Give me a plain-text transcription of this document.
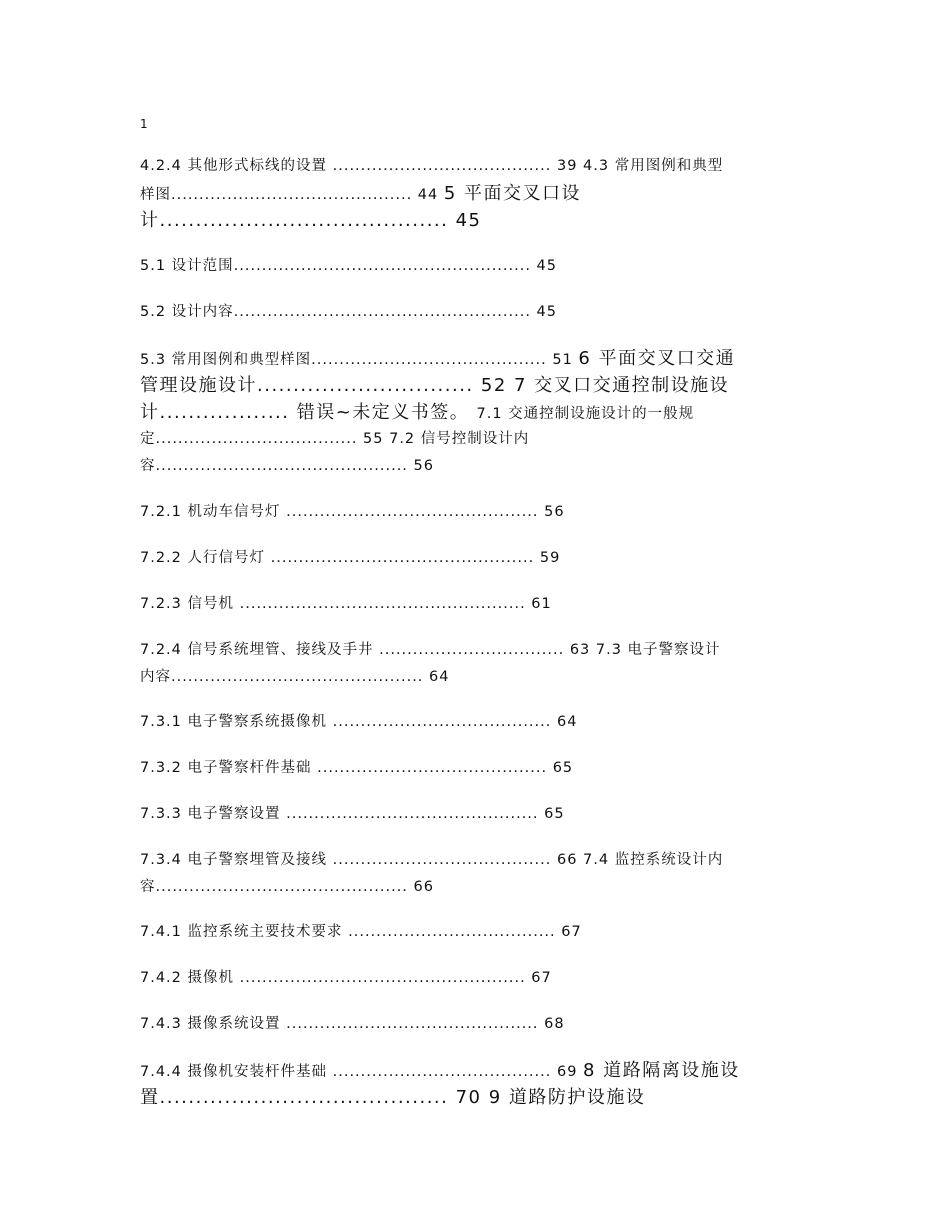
1
4.2.4 其他形式标线的设置 ....................................... 39 4.3 常用图例和典型
样图........................................... 44 5 平面交叉口设
计........................................ 45
5.1 设计范围..................................................... 45
5.2 设计内容..................................................... 45
5.3 常用图例和典型样图.......................................... 51 6 平面交叉口交通
管理设施设计.............................. 52 7 交叉口交通控制设施设
计.................. 错误~未定义书签。 7.1 交通控制设施设计的一般规
定.................................... 55 7.2 信号控制设计内
容............................................. 56
7.2.1 机动车信号灯 ............................................. 56
7.2.2 人行信号灯 ............................................... 59
7.2.3 信号机 ................................................... 61
7.2.4 信号系统埋管、接线及手井 ................................. 63 7.3 电子警察设计
内容............................................. 64
7.3.1 电子警察系统摄像机 ....................................... 64
7.3.2 电子警察杆件基础 ......................................... 65
7.3.3 电子警察设置 ............................................. 65
7.3.4 电子警察埋管及接线 ....................................... 66 7.4 监控系统设计内
容............................................. 66
7.4.1 监控系统主要技术要求 ..................................... 67
7.4.2 摄像机 ................................................... 67
7.4.3 摄像系统设置 ............................................. 68
7.4.4 摄像机安装杆件基础 ....................................... 69 8 道路隔离设施设
置........................................ 70 9 道路防护设施设
